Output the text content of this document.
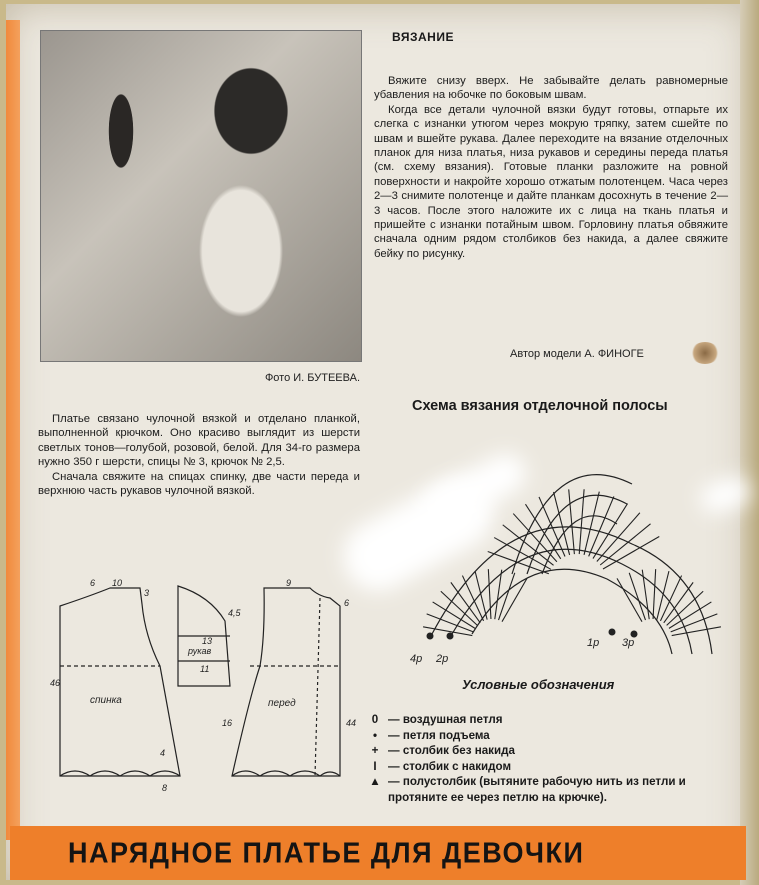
Фото И. БУТЕЕВА.
ВЯЗАНИЕ

Вяжите снизу вверх. Не забывайте делать равномерные убавления на юбочке по боковым швам.

Когда все детали чулочной вязки будут готовы, отпарьте их слегка с изнанки утюгом через мокрую тряпку, затем сшейте по швам и вшейте рукава. Далее переходите на вязание отделочных планок для низа платья, низа рукавов и середины переда платья (см. схему вязания). Готовые планки разложите на ровной поверхности и накройте хорошо отжатым полотенцем. Часа через 2—3 снимите полотенце и дайте планкам досохнуть в течение 2—3 часов. После этого наложите их с лица на ткань платья и пришейте с изнанки потайным швом. Горловину платья обвяжите сначала одним рядом столбиков без накида, а далее свяжите бейку по рисунку.

Автор модели А. ФИНОГЕ

Платье связано чулочной вязкой и отделано планкой, выполненной крючком. Оно красиво выглядит из шерсти светлых тонов—голубой, розовой, белой. Для 34-го размера нужно 350 г шерсти, спицы № 3, крючок № 2,5.

Сначала свяжите на спицах спинку, две части переда и верхнюю часть рукавов чулочной вязкой.

Схема вязания отделочной полосы
4р 2р
1р 3р
Условные обозначения
0 — воздушная петля
• — петля подъема
+ — столбик без накида
I — столбик с накидом
▲ — полустолбик (вытяните рабочую нить из петли и протяните ее через петлю на крючке).
спинка	перед
рукав
6 10
3
46
4
8
13
11
4,5
9
6
16	44
НАРЯДНОЕ ПЛАТЬЕ ДЛЯ ДЕВОЧКИ
